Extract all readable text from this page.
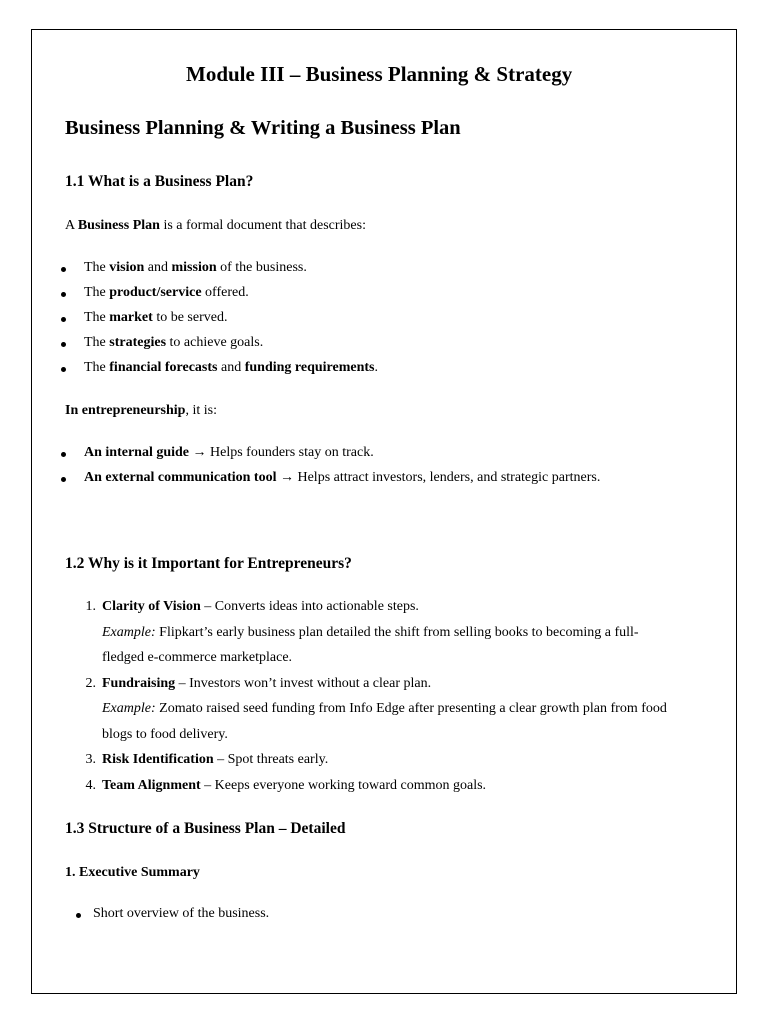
Module III – Business Planning & Strategy
Business Planning & Writing a Business Plan
1.1 What is a Business Plan?
A Business Plan is a formal document that describes:
The vision and mission of the business.
The product/service offered.
The market to be served.
The strategies to achieve goals.
The financial forecasts and funding requirements.
In entrepreneurship, it is:
An internal guide → Helps founders stay on track.
An external communication tool → Helps attract investors, lenders, and strategic partners.
1.2 Why is it Important for Entrepreneurs?
1. Clarity of Vision – Converts ideas into actionable steps.
Example: Flipkart’s early business plan detailed the shift from selling books to becoming a full-
fledged e-commerce marketplace.
2. Fundraising – Investors won’t invest without a clear plan.
Example: Zomato raised seed funding from Info Edge after presenting a clear growth plan from food
blogs to food delivery.
3. Risk Identification – Spot threats early.
4. Team Alignment – Keeps everyone working toward common goals.
1.3 Structure of a Business Plan – Detailed
1. Executive Summary
Short overview of the business.
